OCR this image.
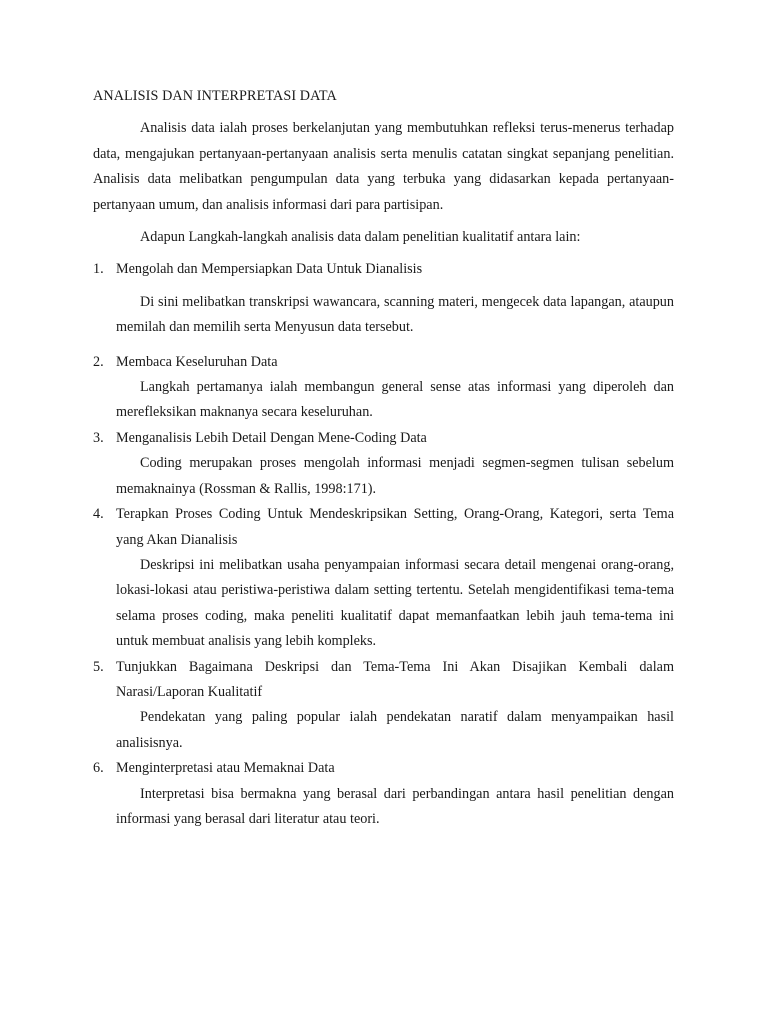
ANALISIS DAN INTERPRETASI DATA

Analisis data ialah proses berkelanjutan yang membutuhkan refleksi terus-menerus terhadap data, mengajukan pertanyaan-pertanyaan analisis serta menulis catatan singkat sepanjang penelitian. Analisis data melibatkan pengumpulan data yang terbuka yang didasarkan kepada pertanyaan-pertanyaan umum, dan analisis informasi dari para partisipan.

Adapun Langkah-langkah analisis data dalam penelitian kualitatif antara lain:

1. Mengolah dan Mempersiapkan Data Untuk Dianalisis
Di sini melibatkan transkripsi wawancara, scanning materi, mengecek data lapangan, ataupun memilah dan memilih serta Menyusun data tersebut.
2. Membaca Keseluruhan Data
Langkah pertamanya ialah membangun general sense atas informasi yang diperoleh dan merefleksikan maknanya secara keseluruhan.
3. Menganalisis Lebih Detail Dengan Mene-Coding Data
Coding merupakan proses mengolah informasi menjadi segmen-segmen tulisan sebelum memaknainya (Rossman & Rallis, 1998:171).
4. Terapkan Proses Coding Untuk Mendeskripsikan Setting, Orang-Orang, Kategori, serta Tema yang Akan Dianalisis
Deskripsi ini melibatkan usaha penyampaian informasi secara detail mengenai orang-orang, lokasi-lokasi atau peristiwa-peristiwa dalam setting tertentu. Setelah mengidentifikasi tema-tema selama proses coding, maka peneliti kualitatif dapat memanfaatkan lebih jauh tema-tema ini untuk membuat analisis yang lebih kompleks.
5. Tunjukkan Bagaimana Deskripsi dan Tema-Tema Ini Akan Disajikan Kembali dalam Narasi/Laporan Kualitatif
Pendekatan yang paling popular ialah pendekatan naratif dalam menyampaikan hasil analisisnya.
6. Menginterpretasi atau Memaknai Data
Interpretasi bisa bermakna yang berasal dari perbandingan antara hasil penelitian dengan informasi yang berasal dari literatur atau teori.
